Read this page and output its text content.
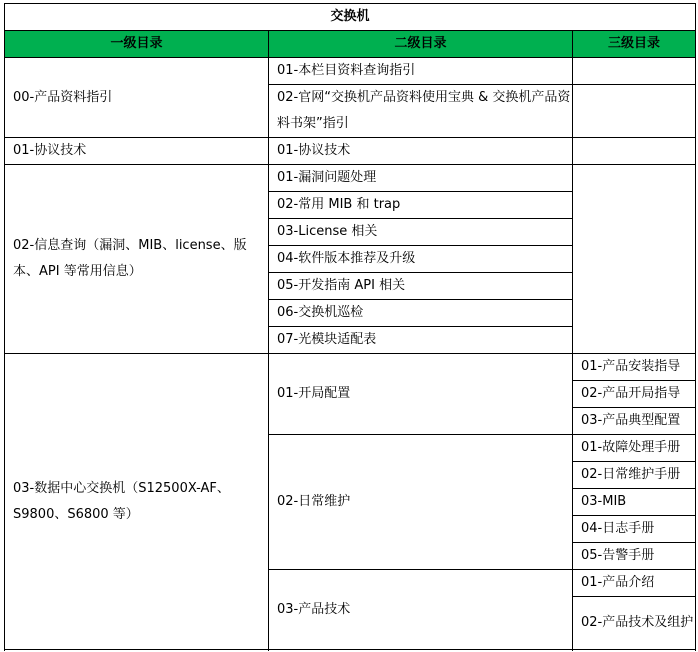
交换机		
一级目录	二级目录	三级目录
00-产品资料指引	01-本栏目资料查询指引	
	02-官网“交换机产品资料使用宝典 & 交换机产品资料书架”指引	
01-协议技术	01-协议技术	
02-信息查询（漏洞、MIB、license、版本、API 等常用信息）	01-漏洞问题处理	
	02-常用 MIB 和 trap	
	03-License 相关	
	04-软件版本推荐及升级	
	05-开发指南 API 相关	
	06-交换机巡检	
	07-光模块适配表	
03-数据中心交换机（S12500X-AF、S9800、S6800 等）	01-开局配置	01-产品安装指导
		02-产品开局指导
		03-产品典型配置
	02-日常维护	01-故障处理手册
		02-日常维护手册
		03-MIB
		04-日志手册
		05-告警手册
	03-产品技术	01-产品介绍
		02-产品技术及组护
